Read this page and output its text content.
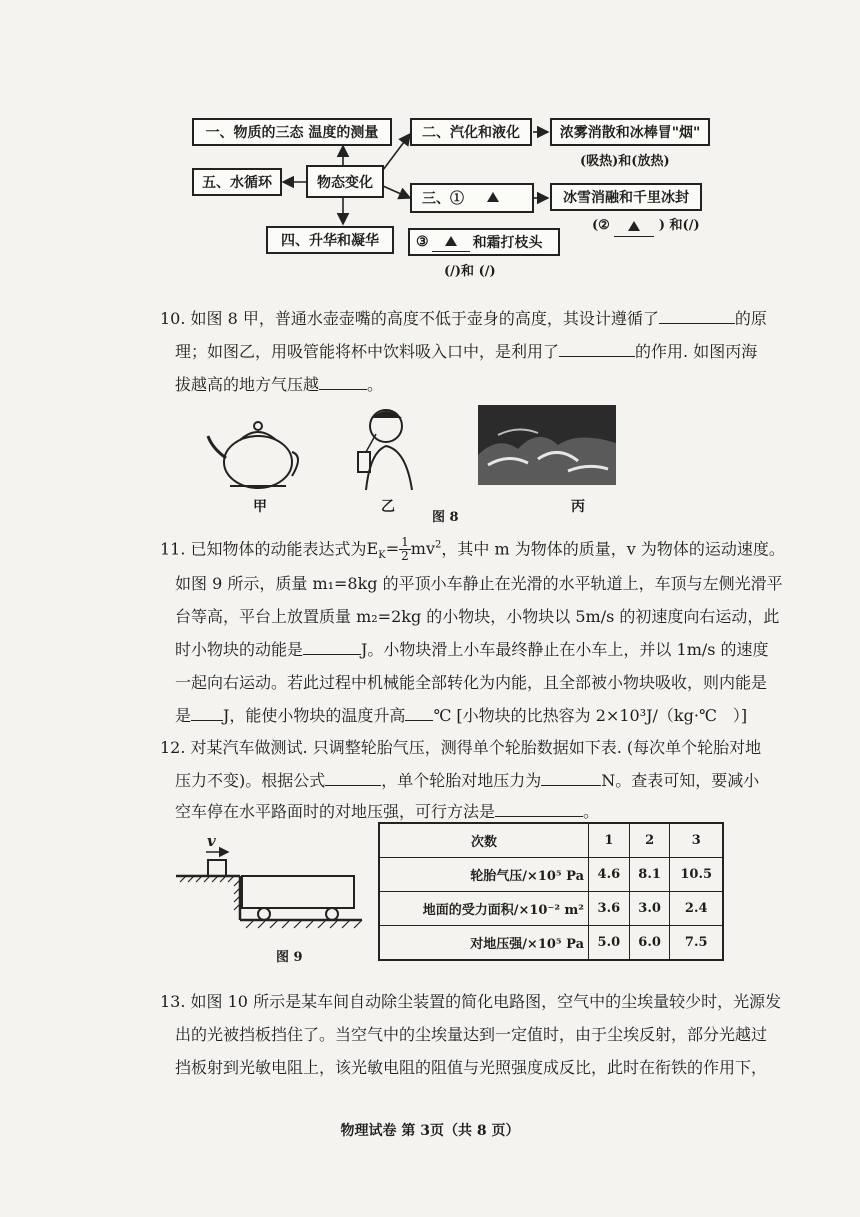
一、物质的三态 温度的测量	二、汽化和液化	浓雾消散和冰棒冒"烟"
(吸热)和(放热)
五、水循环	物态变化
三、①	冰雪消融和千里冰封
(②	) 和(/)
四、升华和凝华	③	和霜打枝头
(/)和 (/)
10. 如图 8 甲，普通水壶壶嘴的高度不低于壶身的高度，其设计遵循了	的原
理；如图乙，用吸管能将杯中饮料吸入口中，是利用了	的作用. 如图丙海
拔越高的地方气压越	。
甲	乙
图 8
丙
11. 已知物体的动能表达式为$E_K= \frac{1}{2} mv^2$，其中 m 为物体的质量，v 为物体的运动速度。
如图 9 所示，质量 m₁=8kg 的平顶小车静止在光滑的水平轨道上，车顶与左侧光滑平
台等高，平台上放置质量 m₂=2kg 的小物块，小物块以 5m/s 的初速度向右运动，此
时小物块的动能是	J。小物块滑上小车最终静止在小车上，并以 1m/s 的速度
一起向右运动。若此过程中机械能全部转化为内能，且全部被小物块吸收，则内能是
是 J，能使小物块的温度升高 ℃ [小物块的比热容为 2×10³J/（kg·℃　）]
12. 对某汽车做测试. 只调整轮胎气压，测得单个轮胎数据如下表. (每次单个轮胎对地
压力不变)。根据公式	，单个轮胎对地压力为	N。查表可知，要减小
空车停在水平路面时的对地压强，可行方法是	。
v
图 9
次数	1	2	3
轮胎气压/×10⁵ Pa	4.6	8.1	10.5
地面的受力面积/×10⁻² m²	3.6	3.0	2.4
对地压强/×10⁵ Pa	5.0	6.0	7.5
13. 如图 10 所示是某车间自动除尘装置的简化电路图，空气中的尘埃量较少时，光源发
出的光被挡板挡住了。当空气中的尘埃量达到一定值时，由于尘埃反射，部分光越过
挡板射到光敏电阻上，该光敏电阻的阻值与光照强度成反比，此时在衔铁的作用下，
物理试卷 第 3页（共 8 页）
